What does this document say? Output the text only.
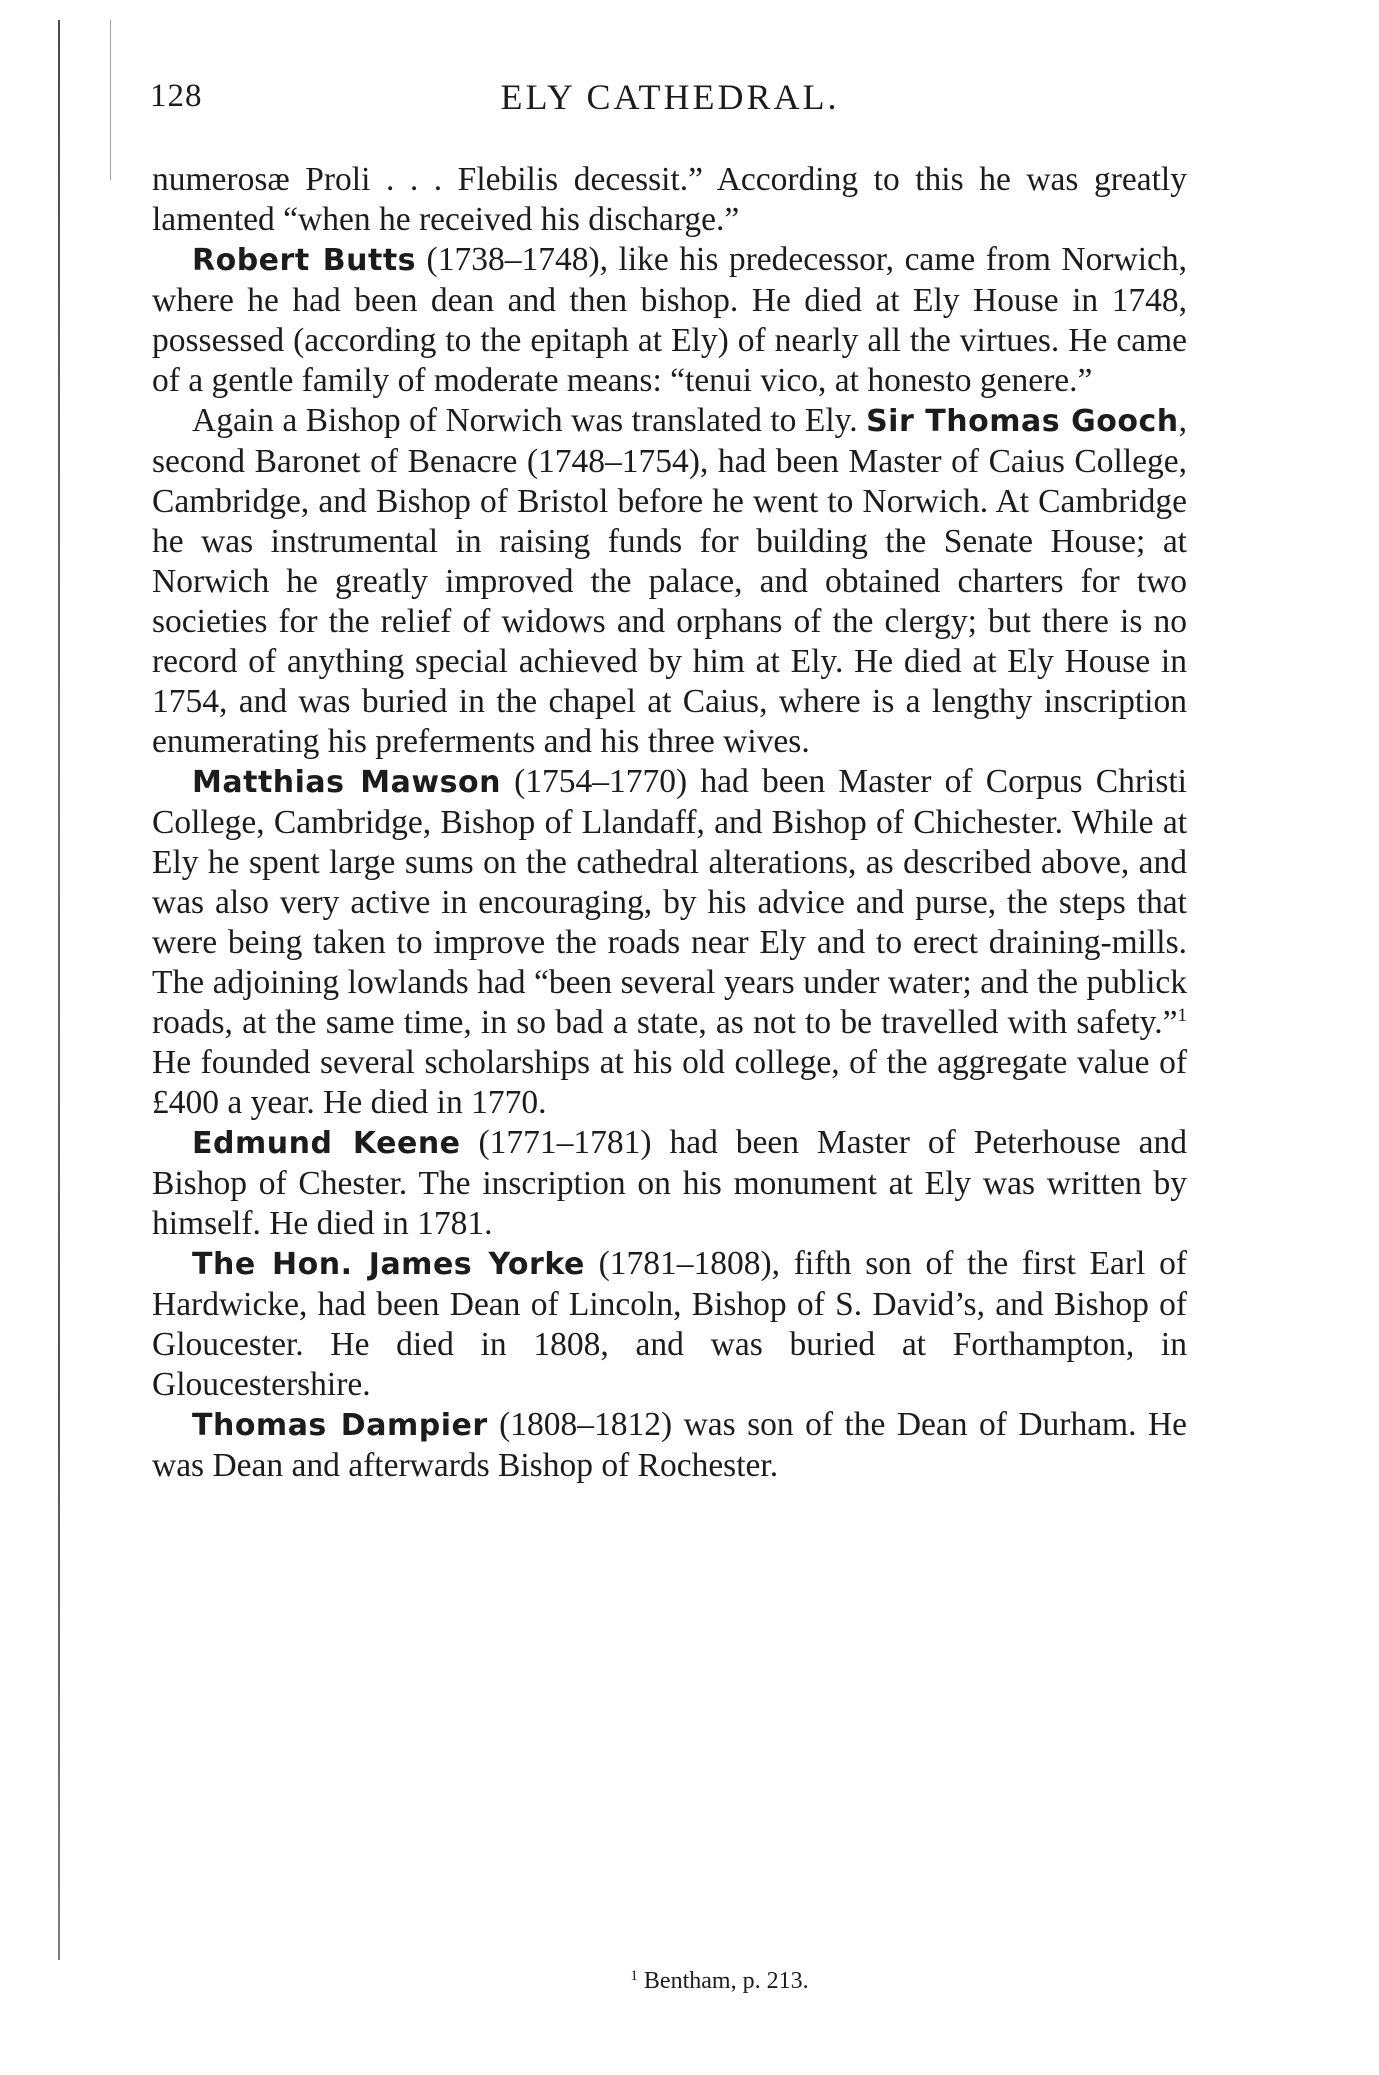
128	ELY CATHEDRAL.

numerosæ Proli . . . Flebilis decessit.” According to this he was greatly lamented “when he received his discharge.”

Robert Butts (1738–1748), like his predecessor, came from Norwich, where he had been dean and then bishop. He died at Ely House in 1748, possessed (according to the epitaph at Ely) of nearly all the virtues. He came of a gentle family of moderate means: “tenui vico, at honesto genere.”

Again a Bishop of Norwich was translated to Ely. Sir Thomas Gooch, second Baronet of Benacre (1748–1754), had been Master of Caius College, Cambridge, and Bishop of Bristol before he went to Norwich. At Cambridge he was instrumental in raising funds for building the Senate House; at Norwich he greatly improved the palace, and obtained charters for two societies for the relief of widows and orphans of the clergy; but there is no record of anything special achieved by him at Ely. He died at Ely House in 1754, and was buried in the chapel at Caius, where is a lengthy inscription enumerating his preferments and his three wives.

Matthias Mawson (1754–1770) had been Master of Corpus Christi College, Cambridge, Bishop of Llandaff, and Bishop of Chichester. While at Ely he spent large sums on the cathedral alterations, as described above, and was also very active in encouraging, by his advice and purse, the steps that were being taken to improve the roads near Ely and to erect draining-mills. The adjoining lowlands had “been several years under water; and the publick roads, at the same time, in so bad a state, as not to be travelled with safety.”$^1$ He founded several scholarships at his old college, of the aggregate value of £400 a year. He died in 1770.

Edmund Keene (1771–1781) had been Master of Peterhouse and Bishop of Chester. The inscription on his monument at Ely was written by himself. He died in 1781.

The Hon. James Yorke (1781–1808), fifth son of the first Earl of Hardwicke, had been Dean of Lincoln, Bishop of S. David’s, and Bishop of Gloucester. He died in 1808, and was buried at Forthampton, in Gloucestershire.

Thomas Dampier (1808–1812) was son of the Dean of Durham. He was Dean and afterwards Bishop of Rochester.

$^1$ Bentham, p. 213.
